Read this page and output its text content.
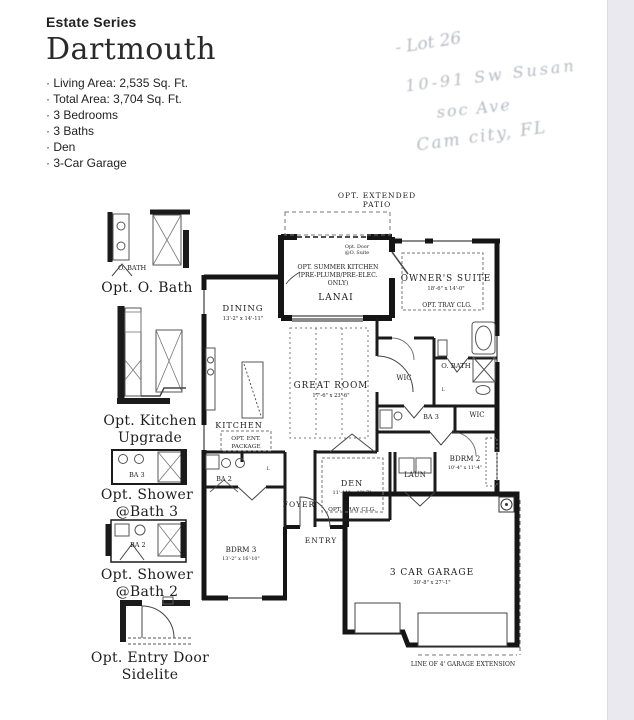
Estate Series
Dartmouth
· Living Area: 2,535 Sq. Ft.
· Total Area: 3,704 Sq. Ft.
· 3 Bedrooms
· 3 Baths
· Den
· 3-Car Garage
- Lot 26
10-91 Sw Susan
soc Ave
Cam city, FL
OPT. EXTENDED
PATIO
Opt. Door
@O. Suite
OPT. SUMMER KITCHEN
(PRE-PLUMB/PRE-ELEC.
ONLY)
LANAI
OWNER'S SUITE
18'-6" x 14'-0"
OPT. TRAY CLG.
DINING
13'-2" x 14'-11"
GREAT ROOM
17'-6" x 23'-6"
KITCHEN
OPT. ENT.
PACKAGE
WIC
O. BATH
BA 3	WIC
LAUN
BDRM 2
10'-4" x 11'-4"
DEN
11'-11" x 12'-7"
OPT. TRAY CLG.
FOYER
ENTRY
BDRM 3
13'-2" x 16'-10"
BA 2
3 CAR GARAGE
30'-8" x 27'-1"
LINE OF 4' GARAGE EXTENSION
L
L
O. BATH
Opt. O. Bath
Opt. Kitchen
Upgrade
BA 3
Opt. Shower
@Bath 3
BA 2
Opt. Shower
@Bath 2
Opt. Entry Door
Sidelite
